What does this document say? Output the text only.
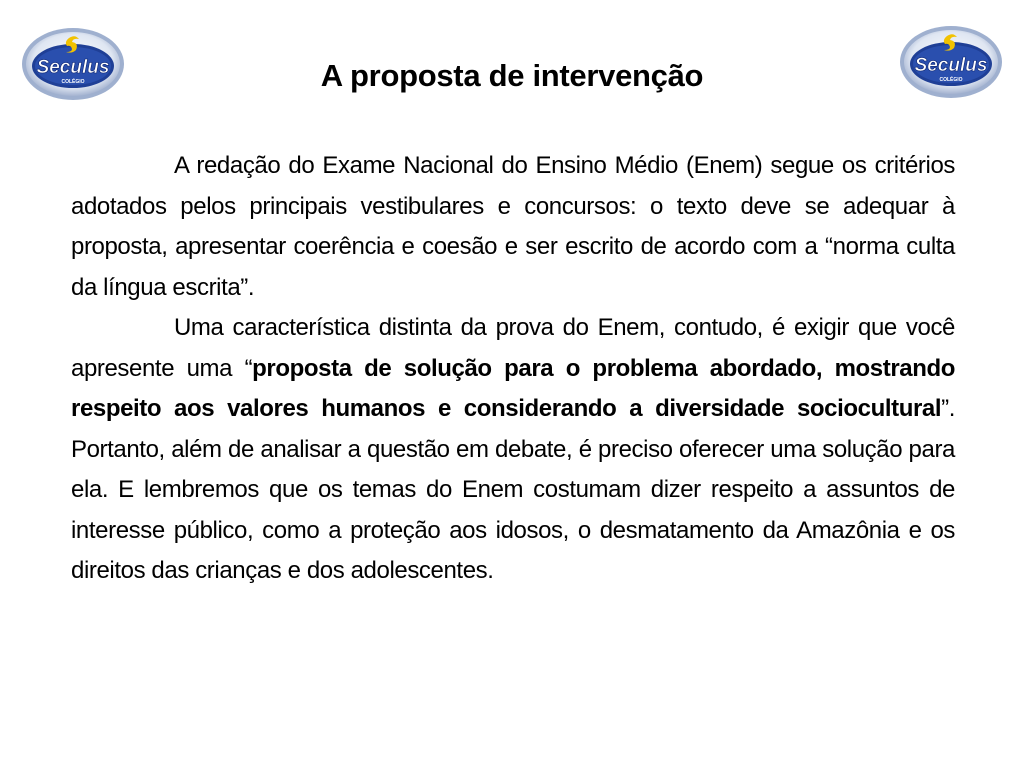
Seculus
COLÉGIO
Seculus
COLÉGIO
A proposta de intervenção

A redação do Exame Nacional do Ensino Médio (Enem) segue os critérios adotados pelos principais vestibulares e concursos: o texto deve se adequar à proposta, apresentar coerência e coesão e ser escrito de acordo com a “norma culta da língua escrita”.

Uma característica distinta da prova do Enem, contudo, é exigir que você apresente uma “proposta de solução para o problema abordado, mostrando respeito aos valores humanos e considerando a diversidade sociocultural”. Portanto, além de analisar a questão em debate, é preciso oferecer uma solução para ela. E lembremos que os temas do Enem costumam dizer respeito a assuntos de interesse público, como a proteção aos idosos, o desmatamento da Amazônia e os direitos das crianças e dos adolescentes.
